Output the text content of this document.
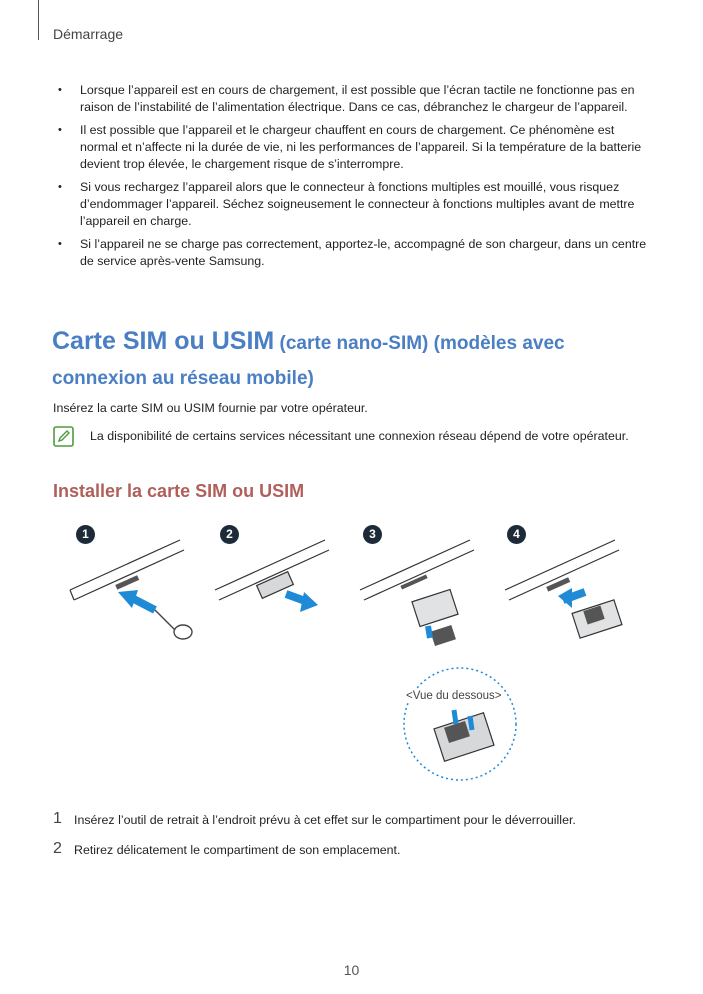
Démarrage
• Lorsque l’appareil est en cours de chargement, il est possible que l’écran tactile ne fonctionne pas en raison de l’instabilité de l’alimentation électrique. Dans ce cas, débranchez le chargeur de l’appareil.
• Il est possible que l’appareil et le chargeur chauffent en cours de chargement. Ce phénomène est normal et n’affecte ni la durée de vie, ni les performances de l’appareil. Si la température de la batterie devient trop élevée, le chargement risque de s’interrompre.
• Si vous rechargez l’appareil alors que le connecteur à fonctions multiples est mouillé, vous risquez d’endommager l’appareil. Séchez soigneusement le connecteur à fonctions multiples avant de mettre l’appareil en charge.
• Si l’appareil ne se charge pas correctement, apportez-le, accompagné de son chargeur, dans un centre de service après-vente Samsung.
Carte SIM ou USIM (carte nano-SIM) (modèles avec connexion au réseau mobile)
Insérez la carte SIM ou USIM fournie par votre opérateur.
La disponibilité de certains services nécessitant une connexion réseau dépend de votre opérateur.
Installer la carte SIM ou USIM
1	2	3	4
<Vue du dessous>
1 Insérez l’outil de retrait à l’endroit prévu à cet effet sur le compartiment pour le déverrouiller.
2 Retirez délicatement le compartiment de son emplacement.
10
